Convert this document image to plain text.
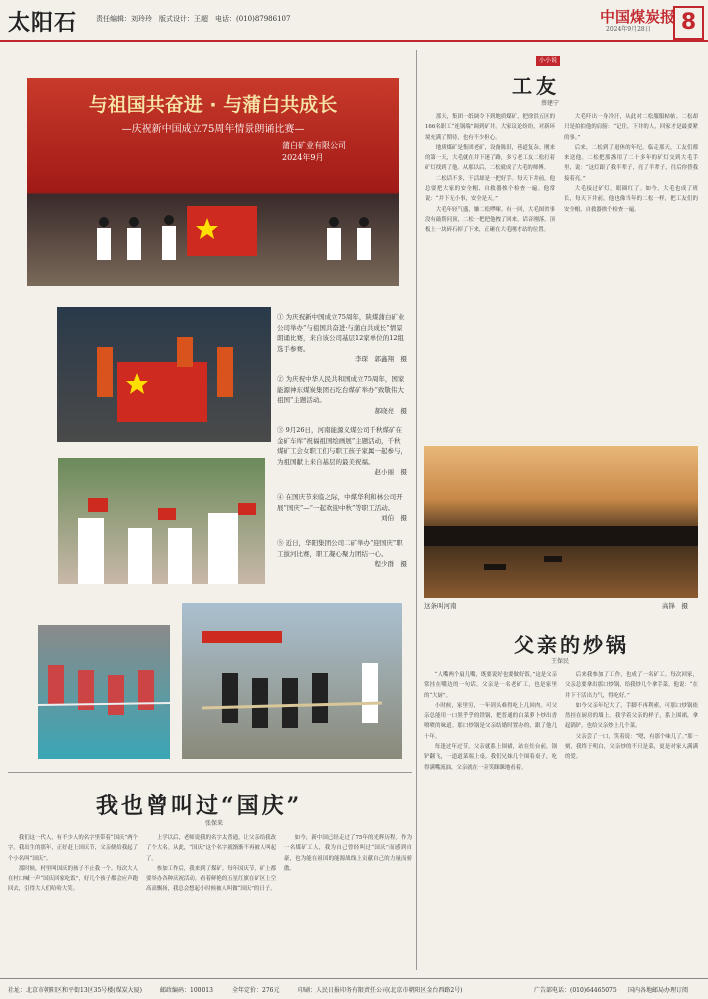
太阳石	责任编辑：刘玲玲　版式设计：王超　电话：(010)87986107	中国煤炭报
2024年9月28日	8
与祖国共奋进 · 与蒲白共成长
—庆祝新中国成立75周年情景朗诵比赛—
蒲白矿业有限公司
2024年9月
① 为庆祝新中国成立75周年，陕煤蒲白矿业公司举办“与祖国共奋进·与蒲白共成长”情景朗诵比赛，来自该公司基层12家单位的12组选手参赛。
李琛　郭鑫翔　摄
② 为庆祝中华人民共和国成立75周年，国家能源神东煤炭集团石圪台煤矿举办“致敬伟大祖国”主题活动。
郝晓亮　摄
③ 9月26日，河南能源义煤公司千秋煤矿在金矿车库“祝福祖国绘画展”主题活动，千秋煤矿工会女职工们与职工孩子家属一起参与，为祖国献上来自基层的最美祝福。
赵小丽　摄
④ 在国庆节来临之际，中煤华利和林公司开展“国庆”—“一起欢迎中秋”等职工活动。
刘伯　摄
⑤ 近日，华阳集团公司二矿举办“迎国庆”职工拔河比赛，职工凝心聚力团结一心。
程少群　摄
小小说
工友
蔡建宁

那天，集团一纸调令下到地质煤矿，把徐洪五区的166名职工“连锅端”调到矿井。大家议论纷纷，对新环境充满了期待，也有不少担心。

地质煤矿是集团老矿，设备陈旧，巷道复杂。刚来的第一天，大毛就在井下迷了路，多亏老工友二松打着矿灯找到了他。从那以后，二松就成了大毛的师傅。

二松话不多，干活却是一把好手。每天下井前，他总要把大家的安全帽、自救器挨个检查一遍。他常说：“井下无小事，安全是天。”

大毛年轻气盛，嫌二松啰嗦。有一回，大毛图省事没有敲帮问顶，二松一把把他拽了回来，话音刚落，顶板上一块碎石掉了下来，正砸在大毛刚才站的位置。

大毛吓出一身冷汗，从此对二松服服帖帖。二松却只是拍拍他的肩膀：“记住，下井的人，回家才是最要紧的事。”

后来，二松到了退休的年纪。临走那天，工友们都来送他。二松把那盏用了二十多年的矿灯交到大毛手里，说：“这灯跟了我半辈子，亮了半辈子，往后你替我接着亮。”

大毛接过矿灯，眼圈红了。如今，大毛也成了班长，每天下井前，他也像当年的二松一样，把工友们的安全帽、自救器挨个检查一遍。

这条叫河南	高锋　摄
父亲的炒锅
王保民

“人嘴两个扇儿嘴，既要说好也要做好饭。”这是父亲常挂在嘴边的一句话。父亲是一名老矿工，也是家里的“大厨”。

小时候，家里穷，一年到头难得吃上几回肉。可父亲总能用一口黑乎乎的铁锅，把普通的白菜萝卜炒出香喷喷的味道。那口炒锅是父亲结婚时置办的，跟了他几十年。

每逢过年过节，父亲就系上围裙，站在灶台前，锅铲翻飞，一道道菜端上桌。我们兄妹几个围着桌子，吃得满嘴流油，父亲就在一旁笑眯眯地看着。

后来我参加了工作，也成了一名矿工。每次回家，父亲总要拿出那口炒锅，给我炒几个拿手菜。他说：“在井下干活出力气，得吃好。”

如今父亲年纪大了，手脚不再利索，可那口炒锅依然挂在厨房的墙上。我学着父亲的样子，系上围裙，拿起锅铲，也给父亲炒上几个菜。

父亲尝了一口，笑着说：“嗯，有那个味儿了。”那一刻，我终于明白，父亲炒的不只是菜，更是对家人满满的爱。

我也曾叫过“国庆”
张保来

我们这一代人，有不少人的名字里带着“国庆”两个字。我出生的那年，正好赶上国庆节，父亲便给我起了个小名叫“国庆”。

那时候，村里叫国庆的孩子不止我一个。每次大人在村口喊一声“国庆回家吃饭”，好几个孩子都会应声跑回去，引得大人们哈哈大笑。

上学以后，老师说我的名字太普通，让父亲给我改了个大名。从此，“国庆”这个名字就渐渐不再被人叫起了。

参加工作后，我来到了煤矿。每年国庆节，矿上都要举办各种庆祝活动。看着鲜艳的五星红旗在矿区上空高高飘扬，我总会想起小时候被人叫做“国庆”的日子。

如今，新中国已经走过了75年的光辉历程。作为一名煤矿工人，我为自己曾经叫过“国庆”而感到自豪，也为能在祖国的能源战线上贡献自己的力量而骄傲。

社址：北京市朝阳区和平街13区35号楼(煤炭大厦)	邮政编码：100013	全年定价：276元	印刷：人民日报印务有限责任公司(北京市朝阳区金台西路2号)	广告部电话：(010)64465075 国内各地邮局办理订阅
